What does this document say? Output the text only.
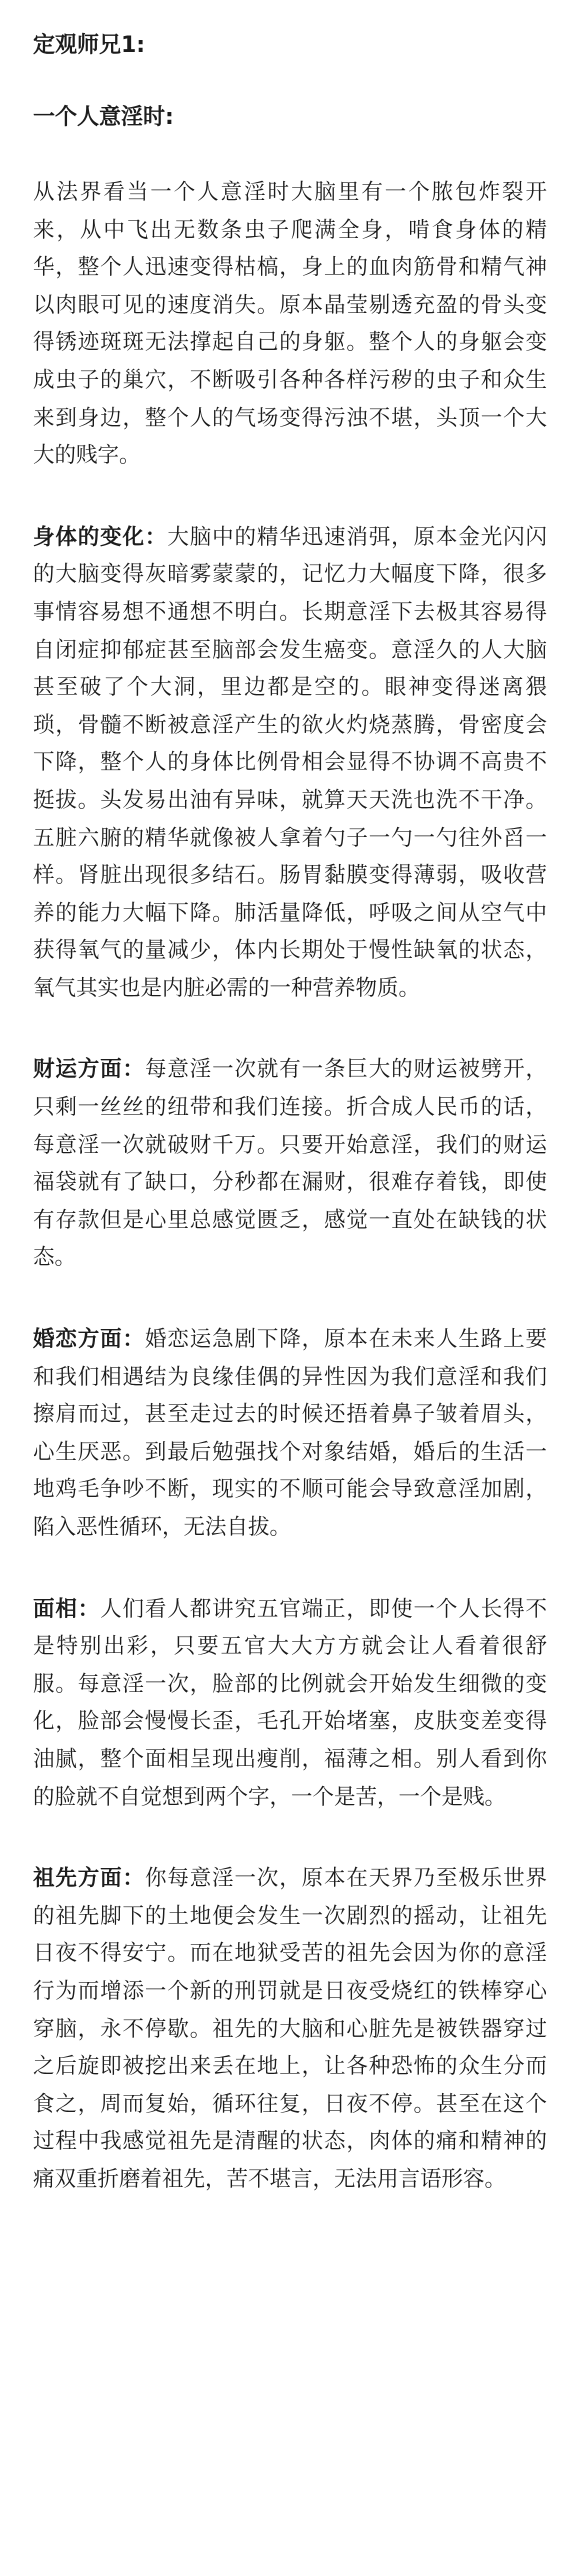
定观师兄1:
一个人意淫时:

从法界看当一个人意淫时大脑里有一个脓包炸裂开来，从中飞出无数条虫子爬满全身，啃食身体的精华，整个人迅速变得枯槁，身上的血肉筋骨和精气神以肉眼可见的速度消失。原本晶莹剔透充盈的骨头变得锈迹斑斑无法撑起自己的身躯。整个人的身躯会变成虫子的巢穴，不断吸引各种各样污秽的虫子和众生来到身边，整个人的气场变得污浊不堪，头顶一个大大的贱字。

身体的变化：大脑中的精华迅速消弭，原本金光闪闪的大脑变得灰暗雾蒙蒙的，记忆力大幅度下降，很多事情容易想不通想不明白。长期意淫下去极其容易得自闭症抑郁症甚至脑部会发生癌变。意淫久的人大脑甚至破了个大洞，里边都是空的。眼神变得迷离猥琐，骨髓不断被意淫产生的欲火灼烧蒸腾，骨密度会下降，整个人的身体比例骨相会显得不协调不高贵不挺拔。头发易出油有异味，就算天天洗也洗不干净。五脏六腑的精华就像被人拿着勺子一勺一勺往外舀一样。肾脏出现很多结石。肠胃黏膜变得薄弱，吸收营养的能力大幅下降。肺活量降低，呼吸之间从空气中获得氧气的量减少，体内长期处于慢性缺氧的状态，氧气其实也是内脏必需的一种营养物质。

财运方面：每意淫一次就有一条巨大的财运被劈开，只剩一丝丝的纽带和我们连接。折合成人民币的话，每意淫一次就破财千万。只要开始意淫，我们的财运福袋就有了缺口，分秒都在漏财，很难存着钱，即使有存款但是心里总感觉匮乏，感觉一直处在缺钱的状态。

婚恋方面：婚恋运急剧下降，原本在未来人生路上要和我们相遇结为良缘佳偶的异性因为我们意淫和我们擦肩而过，甚至走过去的时候还捂着鼻子皱着眉头，心生厌恶。到最后勉强找个对象结婚，婚后的生活一地鸡毛争吵不断，现实的不顺可能会导致意淫加剧，陷入恶性循环，无法自拔。

面相：人们看人都讲究五官端正，即使一个人长得不是特别出彩，只要五官大大方方就会让人看着很舒服。每意淫一次，脸部的比例就会开始发生细微的变化，脸部会慢慢长歪，毛孔开始堵塞，皮肤变差变得油腻，整个面相呈现出瘦削，福薄之相。别人看到你的脸就不自觉想到两个字，一个是苦，一个是贱。

祖先方面：你每意淫一次，原本在天界乃至极乐世界的祖先脚下的土地便会发生一次剧烈的摇动，让祖先日夜不得安宁。而在地狱受苦的祖先会因为你的意淫行为而增添一个新的刑罚就是日夜受烧红的铁棒穿心穿脑，永不停歇。祖先的大脑和心脏先是被铁器穿过之后旋即被挖出来丢在地上，让各种恐怖的众生分而食之，周而复始，循环往复，日夜不停。甚至在这个过程中我感觉祖先是清醒的状态，肉体的痛和精神的痛双重折磨着祖先，苦不堪言，无法用言语形容。
